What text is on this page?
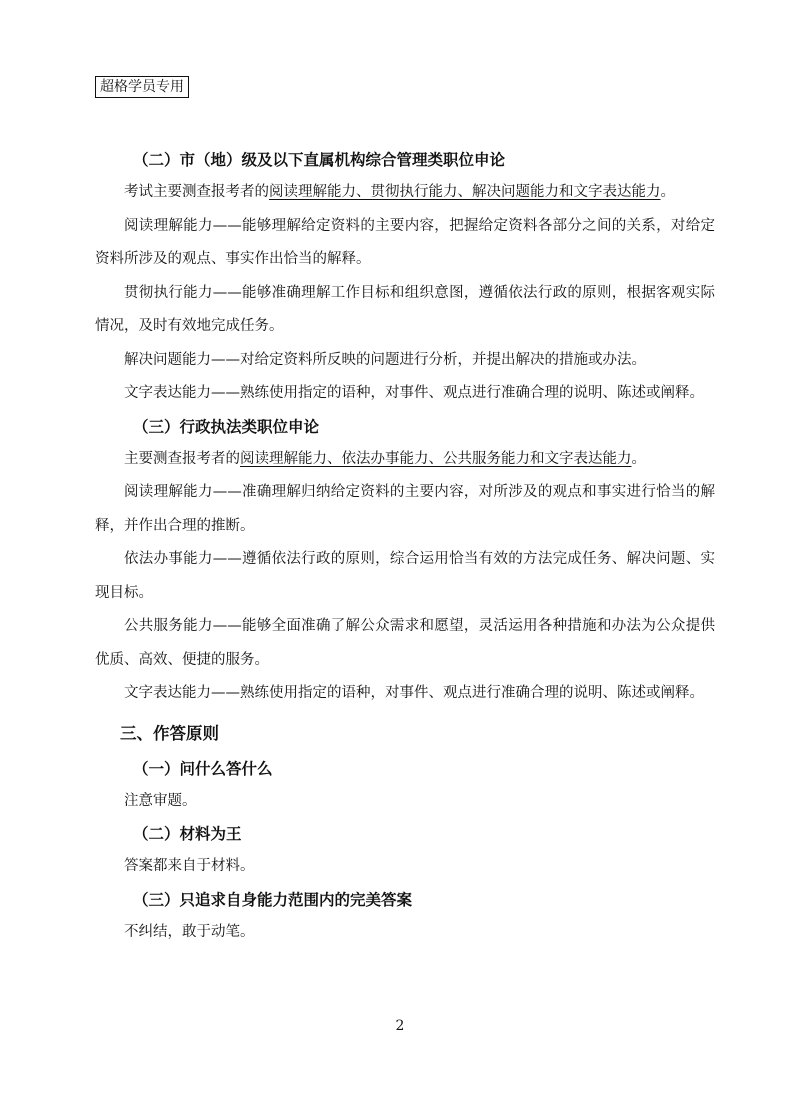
超格学员专用
（二）市（地）级及以下直属机构综合管理类职位申论

考试主要测查报考者的阅读理解能力、贯彻执行能力、解决问题能力和文字表达能力。

阅读理解能力——能够理解给定资料的主要内容，把握给定资料各部分之间的关系，对给定资料所涉及的观点、事实作出恰当的解释。

贯彻执行能力——能够准确理解工作目标和组织意图，遵循依法行政的原则，根据客观实际情况，及时有效地完成任务。

解决问题能力——对给定资料所反映的问题进行分析，并提出解决的措施或办法。

文字表达能力——熟练使用指定的语种，对事件、观点进行准确合理的说明、陈述或阐释。

（三）行政执法类职位申论

主要测查报考者的阅读理解能力、依法办事能力、公共服务能力和文字表达能力。

阅读理解能力——准确理解归纳给定资料的主要内容，对所涉及的观点和事实进行恰当的解释，并作出合理的推断。

依法办事能力——遵循依法行政的原则，综合运用恰当有效的方法完成任务、解决问题、实现目标。

公共服务能力——能够全面准确了解公众需求和愿望，灵活运用各种措施和办法为公众提供优质、高效、便捷的服务。

文字表达能力——熟练使用指定的语种，对事件、观点进行准确合理的说明、陈述或阐释。

三、作答原则
（一）问什么答什么

注意审题。

（二）材料为王

答案都来自于材料。

（三）只追求自身能力范围内的完美答案

不纠结，敢于动笔。

2
